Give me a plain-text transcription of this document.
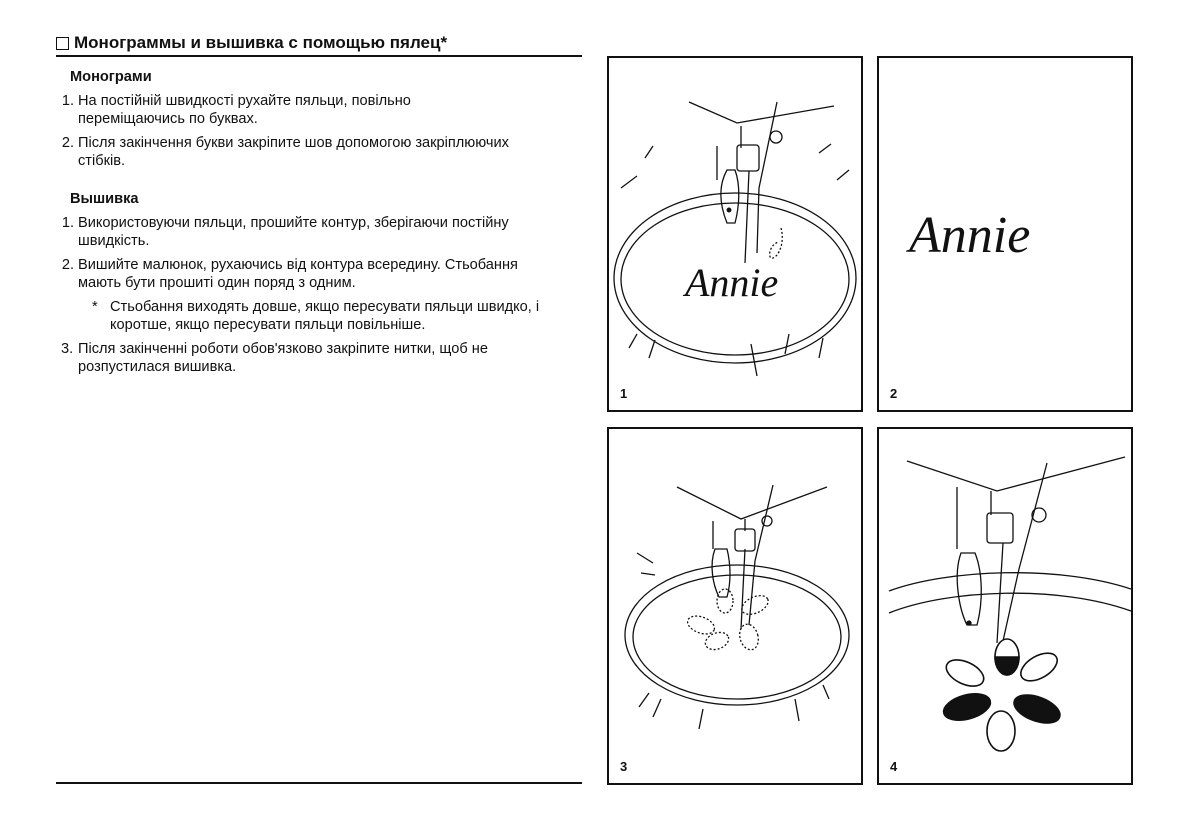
Монограммы и вышивка с помощью пялец*
Монограми
1. На постійній швидкості рухайте пяльци, повільно переміщаючись по буквах.
2. Після закінчення букви закріпите шов допомогою закріплюючих стібків.
Вышивка
1. Використовуючи пяльци, прошийте контур, зберігаючи постійну швидкість.
2. Вишийте малюнок, рухаючись від контура всередину. Стьобання мають бути прошиті один поряд з одним.
* Стьобання виходять довше, якщо пересувати пяльци швидко, і коротше, якщо пересувати пяльци повільніше.
3. Після закінченні роботи обов'язково закріпите нитки, щоб не розпустилася вишивка.
Annie
1
Annie
2
3	4
